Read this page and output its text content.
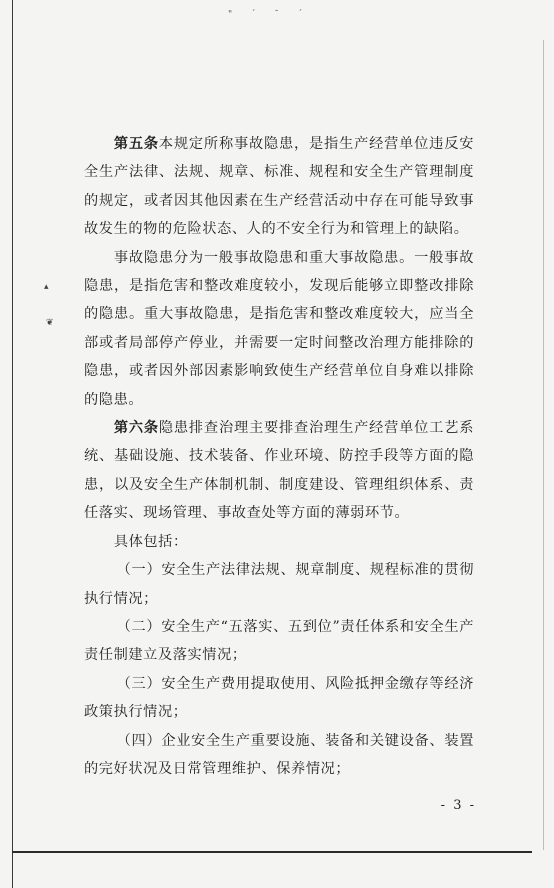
" ´ ˉ ˊ
▴
❦

第五条本规定所称事故隐患，是指生产经营单位违反安全生产法律、法规、规章、标准、规程和安全生产管理制度的规定，或者因其他因素在生产经营活动中存在可能导致事故发生的物的危险状态、人的不安全行为和管理上的缺陷。

事故隐患分为一般事故隐患和重大事故隐患。一般事故隐患，是指危害和整改难度较小，发现后能够立即整改排除的隐患。重大事故隐患，是指危害和整改难度较大，应当全部或者局部停产停业，并需要一定时间整改治理方能排除的隐患，或者因外部因素影响致使生产经营单位自身难以排除的隐患。

第六条隐患排查治理主要排查治理生产经营单位工艺系统、基础设施、技术装备、作业环境、防控手段等方面的隐患，以及安全生产体制机制、制度建设、管理组织体系、责任落实、现场管理、事故查处等方面的薄弱环节。

具体包括：

（一）安全生产法律法规、规章制度、规程标准的贯彻执行情况；

（二）安全生产“五落实、五到位”责任体系和安全生产责任制建立及落实情况；

（三）安全生产费用提取使用、风险抵押金缴存等经济政策执行情况；

（四）企业安全生产重要设施、装备和关键设备、装置的完好状况及日常管理维护、保养情况；

- 3 -
